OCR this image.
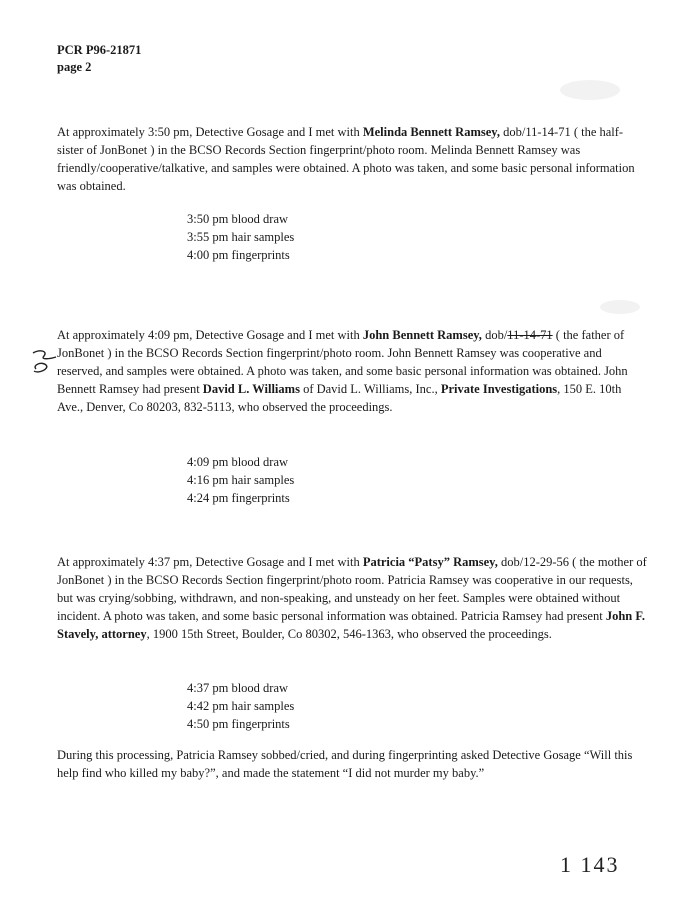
PCR P96-21871
page 2
At approximately 3:50 pm, Detective Gosage and I met with Melinda Bennett Ramsey, dob/11-14-71 ( the half-sister of JonBonet ) in the BCSO Records Section fingerprint/photo room. Melinda Bennett Ramsey was friendly/cooperative/talkative, and samples were obtained. A photo was taken, and some basic personal information was obtained.
3:50 pm blood draw
3:55 pm hair samples
4:00 pm fingerprints
At approximately 4:09 pm, Detective Gosage and I met with John Bennett Ramsey, dob/11-14-71 ( the father of JonBonet ) in the BCSO Records Section fingerprint/photo room. John Bennett Ramsey was cooperative and reserved, and samples were obtained. A photo was taken, and some basic personal information was obtained. John Bennett Ramsey had present David L. Williams of David L. Williams, Inc., Private Investigations, 150 E. 10th Ave., Denver, Co 80203, 832-5113, who observed the proceedings.
4:09 pm blood draw
4:16 pm hair samples
4:24 pm fingerprints
At approximately 4:37 pm, Detective Gosage and I met with Patricia “Patsy” Ramsey, dob/12-29-56 ( the mother of JonBonet ) in the BCSO Records Section fingerprint/photo room. Patricia Ramsey was cooperative in our requests, but was crying/sobbing, withdrawn, and non-speaking, and unsteady on her feet. Samples were obtained without incident. A photo was taken, and some basic personal information was obtained. Patricia Ramsey had present John F. Stavely, attorney, 1900 15th Street, Boulder, Co 80302, 546-1363, who observed the proceedings.
4:37 pm blood draw
4:42 pm hair samples
4:50 pm fingerprints
During this processing, Patricia Ramsey sobbed/cried, and during fingerprinting asked Detective Gosage “Will this help find who killed my baby?”, and made the statement “I did not murder my baby.”
1 143
